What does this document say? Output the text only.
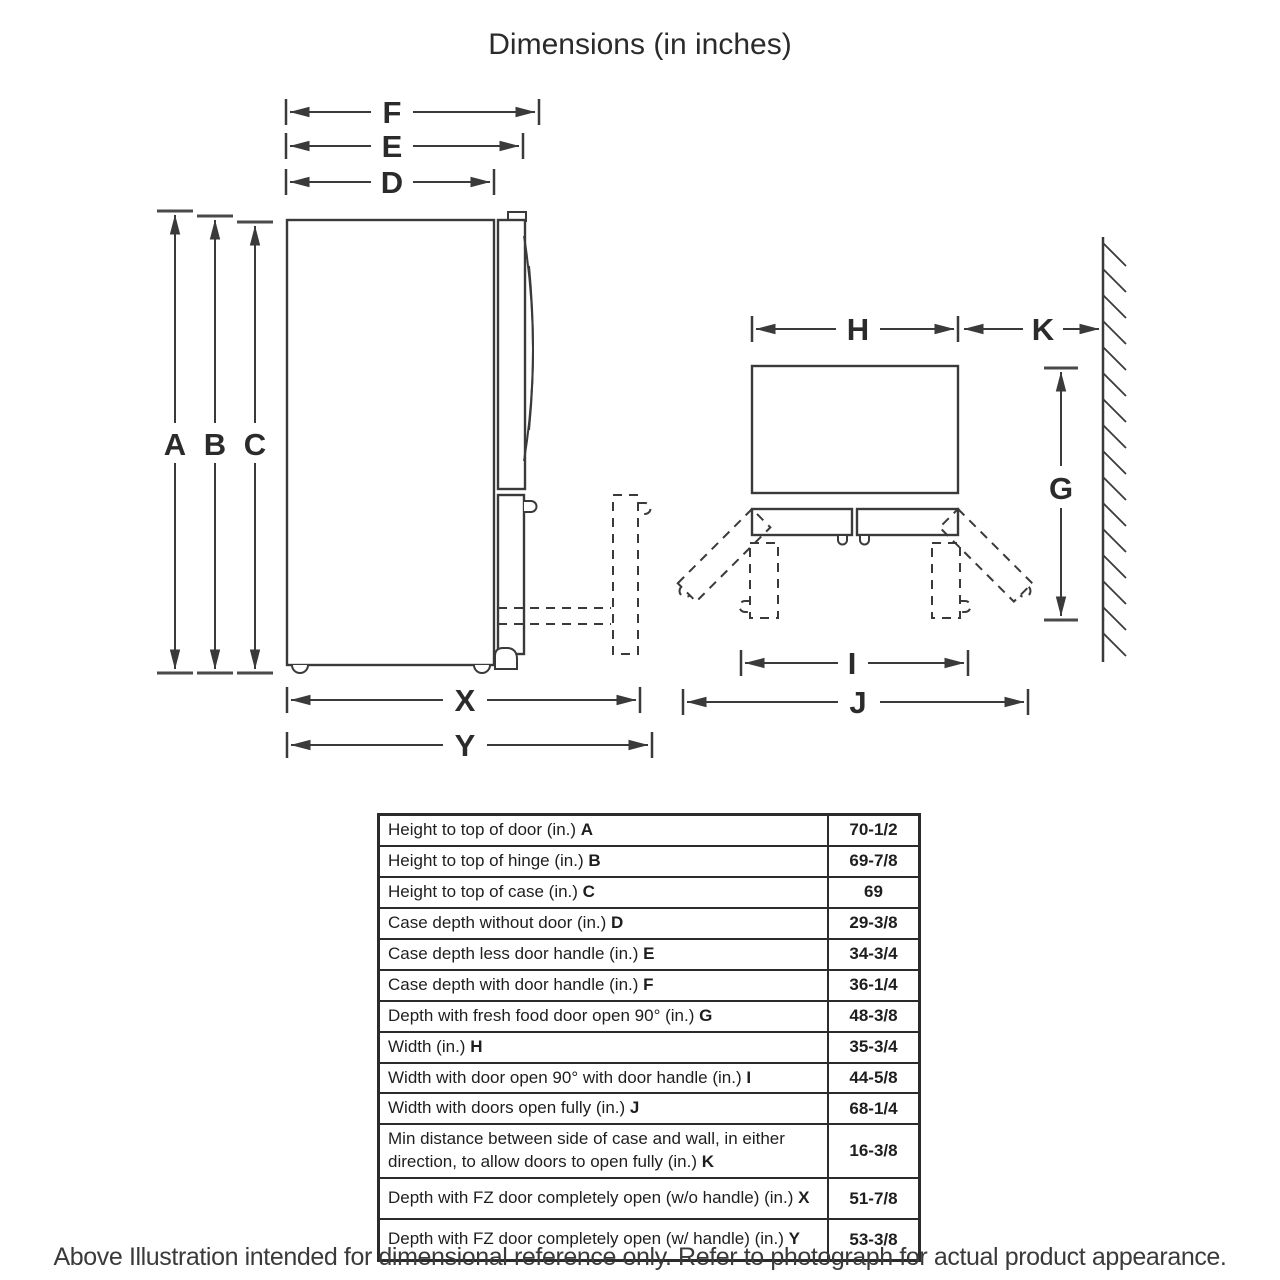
Dimensions (in inches)
A B C
F
E
D
X
Y
H	K
G
I
J
Height to top of door (in.) A	70-1/2
Height to top of hinge (in.) B	69-7/8
Height to top of case (in.) C	69
Case depth without door (in.) D	29-3/8
Case depth less door handle (in.) E	34-3/4
Case depth with door handle (in.) F	36-1/4
Depth with fresh food door open 90° (in.) G	48-3/8
Width (in.) H	35-3/4
Width with door open 90° with door handle (in.) I	44-5/8
Width with doors open fully (in.) J	68-1/4
Min distance between side of case and wall, in either direction, to allow doors to open fully (in.) K	16-3/8
Depth with FZ door completely open (w/o handle) (in.) X	51-7/8
Depth with FZ door completely open (w/ handle) (in.) Y	53-3/8
Above Illustration intended for dimensional reference only. Refer to photograph for actual product appearance.
